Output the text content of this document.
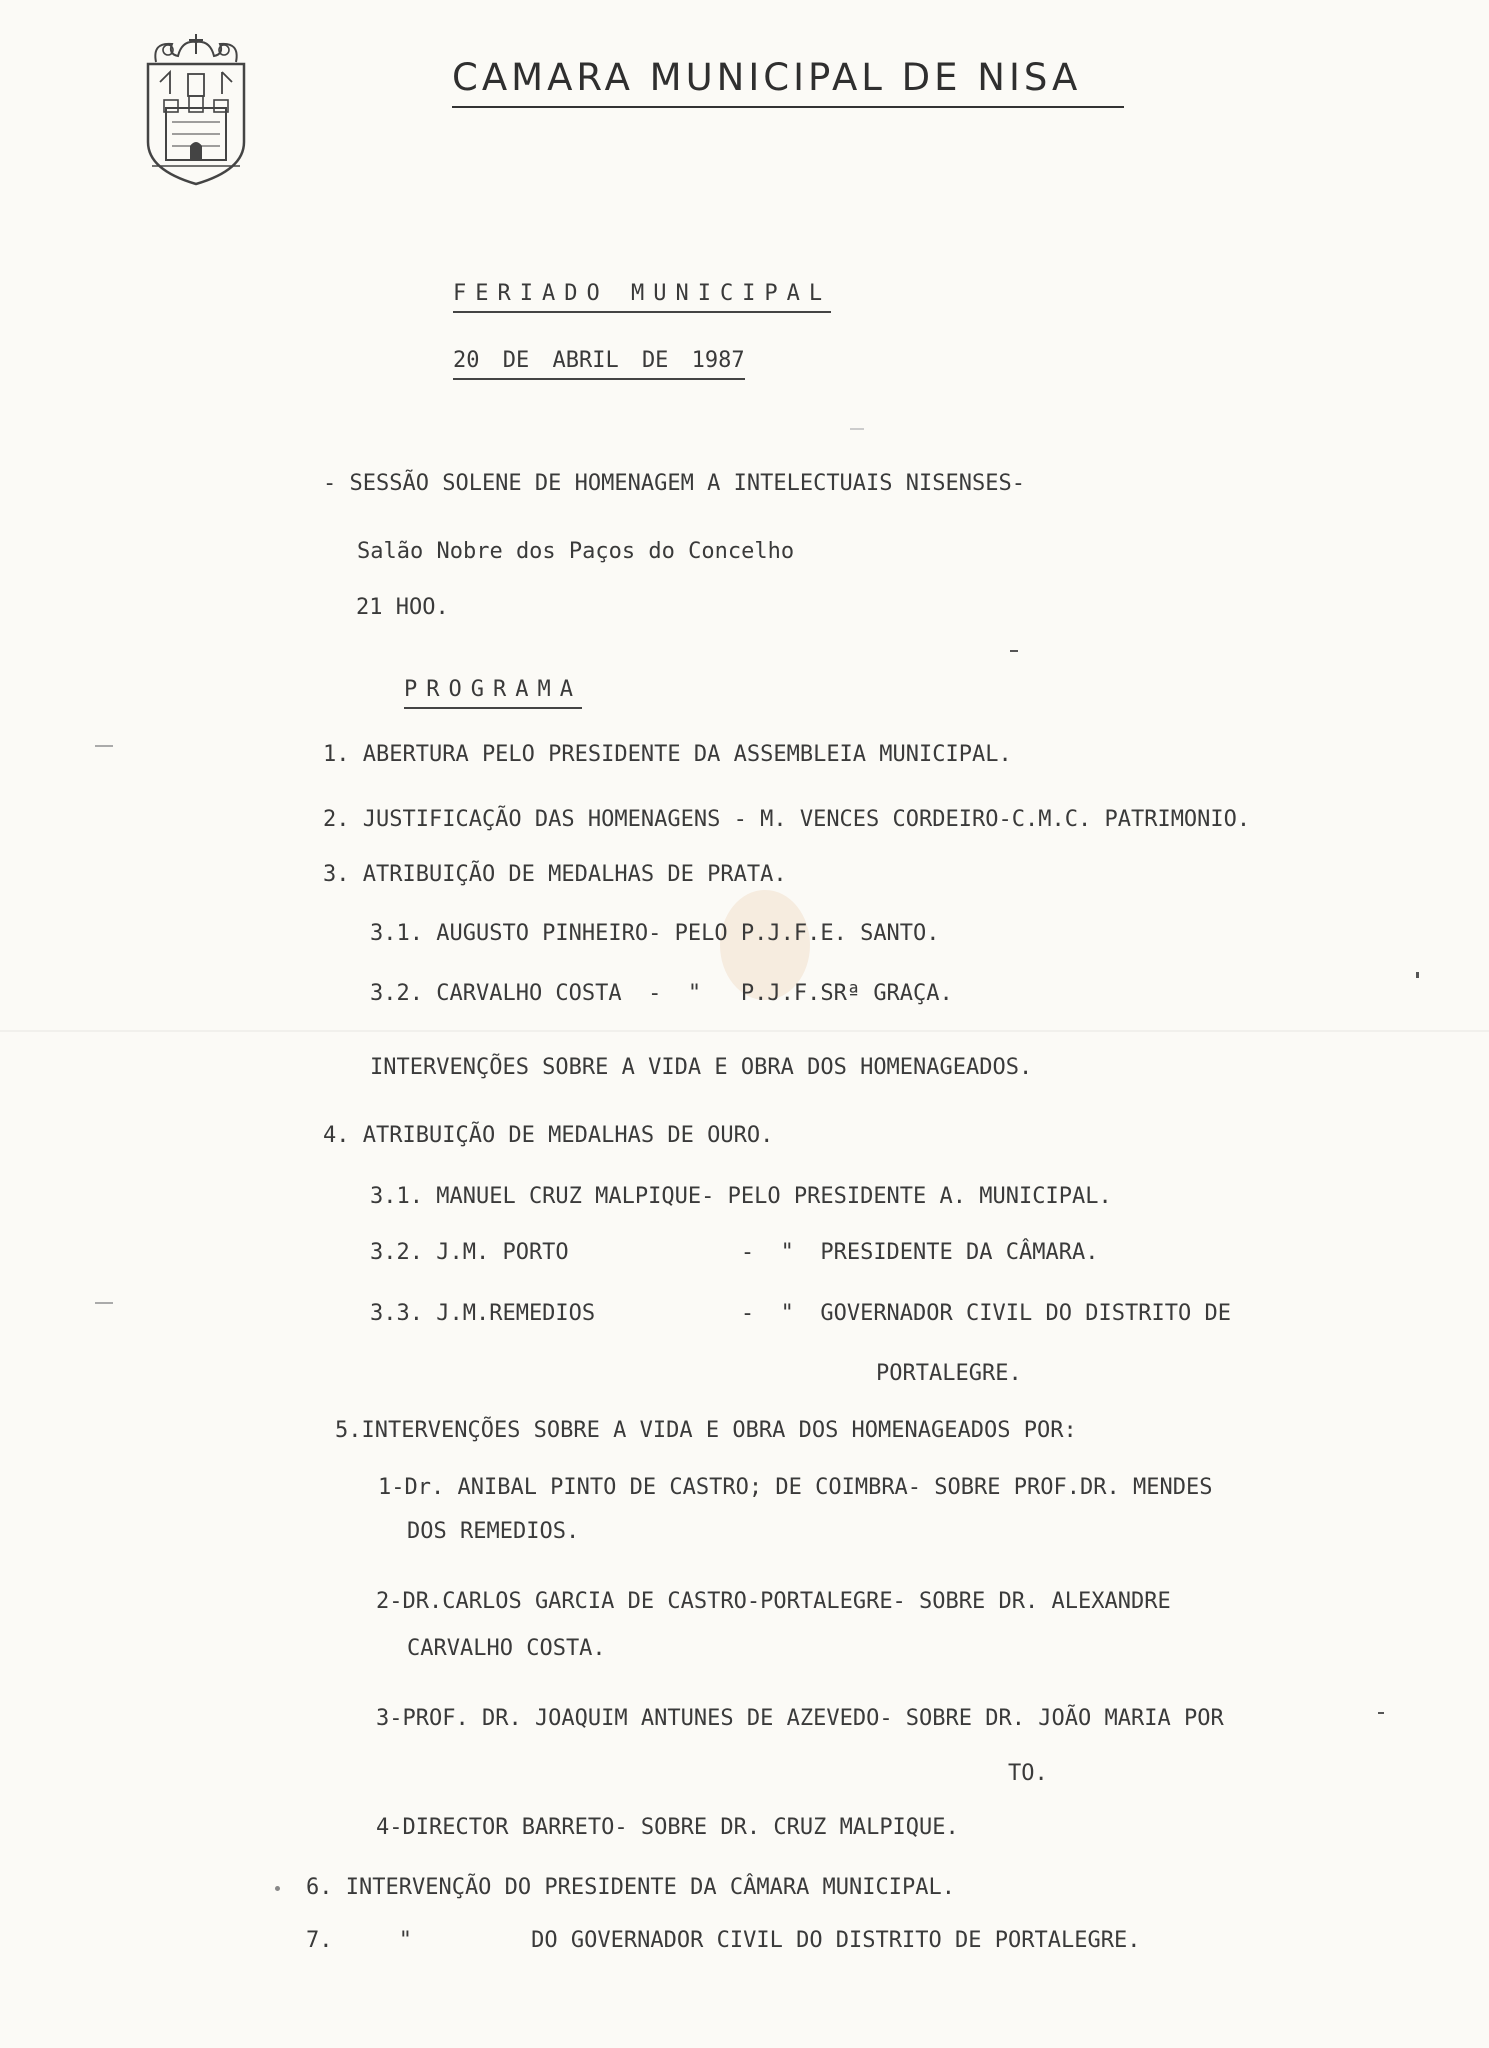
CAMARA MUNICIPAL DE NISA
FERIADO MUNICIPAL
20 DE ABRIL DE 1987
- SESSÃO SOLENE DE HOMENAGEM A INTELECTUAIS NISENSES-
Salão Nobre dos Paços do Concelho
21 HOO.
PROGRAMA
1. ABERTURA PELO PRESIDENTE DA ASSEMBLEIA MUNICIPAL.
2. JUSTIFICAÇÃO DAS HOMENAGENS - M. VENCES CORDEIRO-C.M.C. PATRIMONIO.
3. ATRIBUIÇÃO DE MEDALHAS DE PRATA.
3.1. AUGUSTO PINHEIRO- PELO P.J.F.E. SANTO.
3.2. CARVALHO COSTA  -  "   P.J.F.SRª GRAÇA.
INTERVENÇÕES SOBRE A VIDA E OBRA DOS HOMENAGEADOS.
4. ATRIBUIÇÃO DE MEDALHAS DE OURO.
3.1. MANUEL CRUZ MALPIQUE- PELO PRESIDENTE A. MUNICIPAL.
3.2. J.M. PORTO             -  "  PRESIDENTE DA CÂMARA.
3.3. J.M.REMEDIOS           -  "  GOVERNADOR CIVIL DO DISTRITO DE
PORTALEGRE.
5.INTERVENÇÕES SOBRE A VIDA E OBRA DOS HOMENAGEADOS POR:
1-Dr. ANIBAL PINTO DE CASTRO; DE COIMBRA- SOBRE PROF.DR. MENDES
DOS REMEDIOS.
2-DR.CARLOS GARCIA DE CASTRO-PORTALEGRE- SOBRE DR. ALEXANDRE
CARVALHO COSTA.
3-PROF. DR. JOAQUIM ANTUNES DE AZEVEDO- SOBRE DR. JOÃO MARIA POR
TO.
4-DIRECTOR BARRETO- SOBRE DR. CRUZ MALPIQUE.
6. INTERVENÇÃO DO PRESIDENTE DA CÂMARA MUNICIPAL.
7.     "         DO GOVERNADOR CIVIL DO DISTRITO DE PORTALEGRE.
